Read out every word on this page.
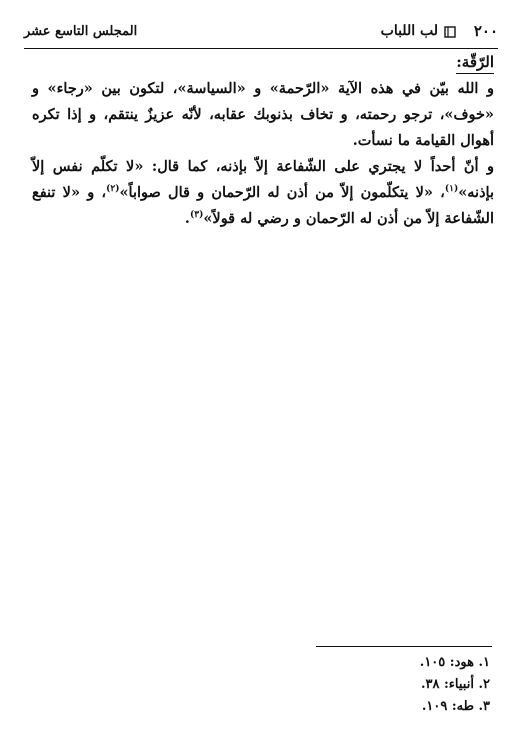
٢٠٠
لب اللباب
المجلس التاسع عشر
الرّقّة:

و الله بيّن في هذه الآية «الرّحمة» و «السياسة»، لتكون بين «رجاء» و «خوف»، ترجو رحمته، و تخاف بذنوبك عقابه، لأنّه عزيزٌ ينتقم، و إذا تكره أهوال القيامة ما نسأت.

و أنّ أحداً لا يجتري على الشّفاعة إلاّ بإذنه، كما قال: «لا تكلّم نفس إلاّ بإذنه»$^{(١)}$، «لا يتكلّمون إلاّ من أذن له الرّحمان و قال صواباً»$^{(٢)}$، و «لا تنفع الشّفاعة إلاّ من أذن له الرّحمان و رضي له قولاً»$^{(٣)}$.

١. هود: ١٠٥.
٢. أنبياء: ٣٨.
٣. طه: ١٠٩.
